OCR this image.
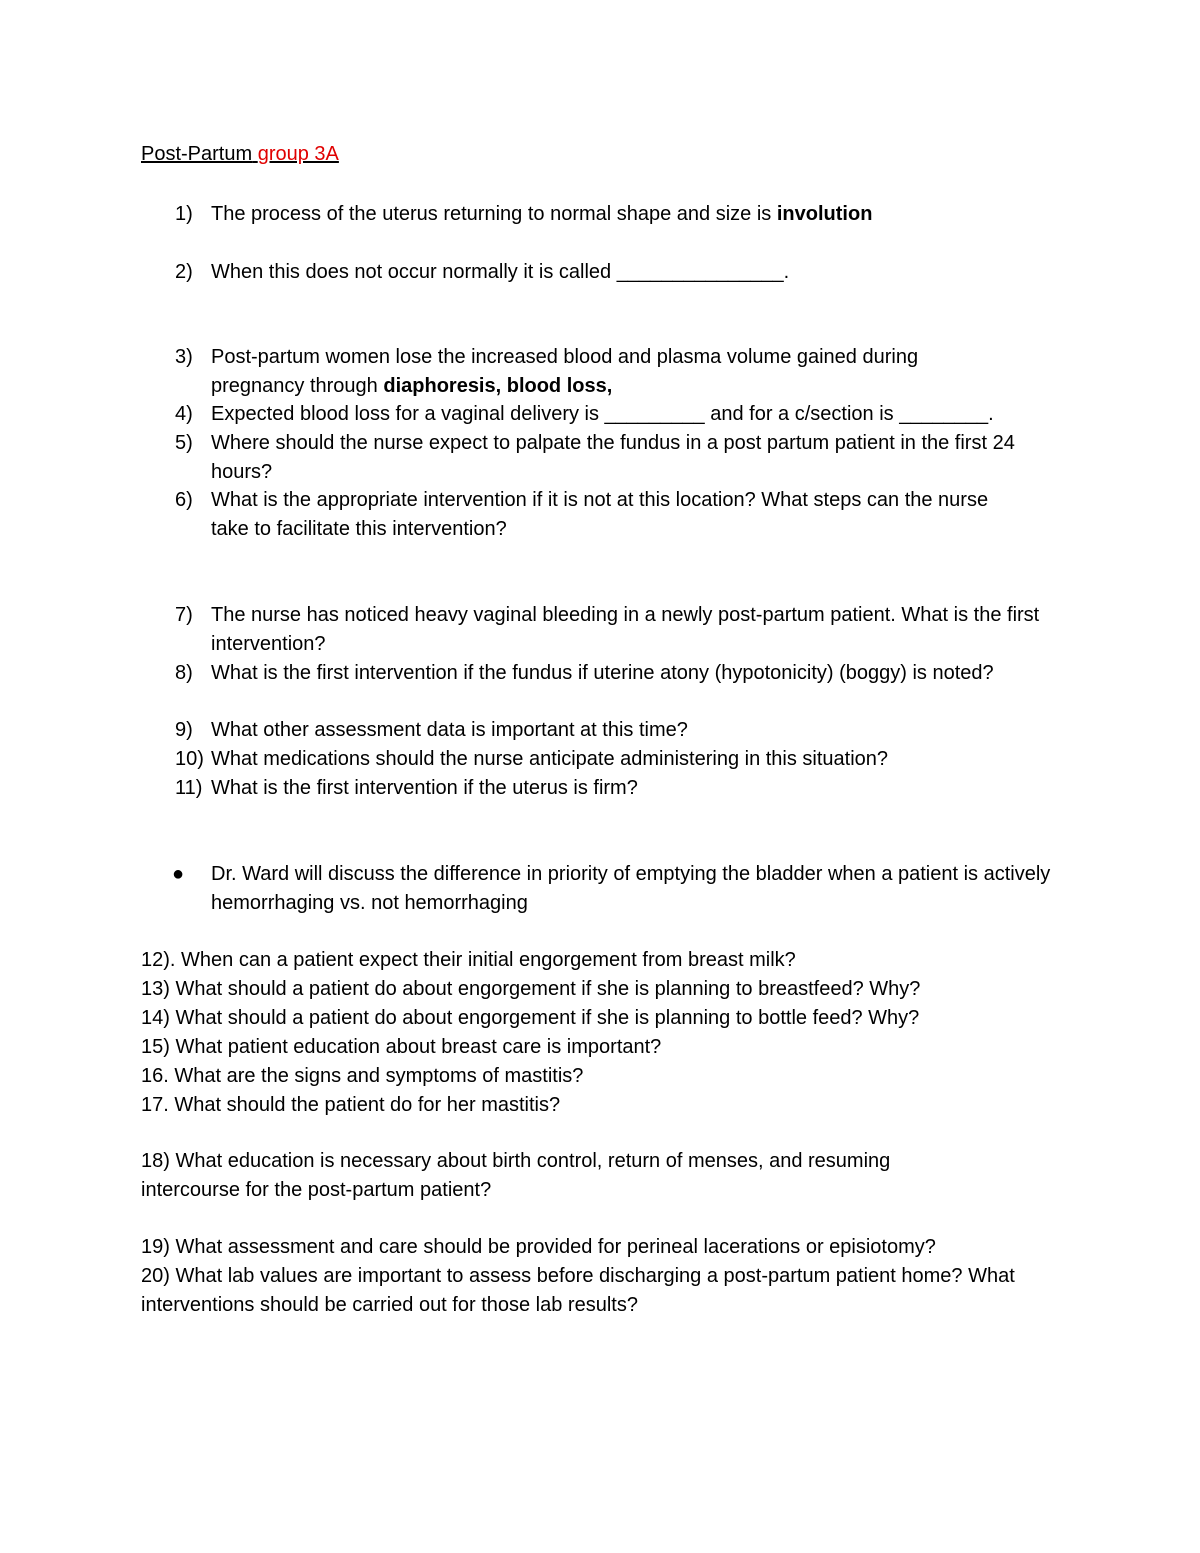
Post-Partum group 3A
1) The process of the uterus returning to normal shape and size is involution
2) When this does not occur normally it is called _______________.
3) Post-partum women lose the increased blood and plasma volume gained during pregnancy through diaphoresis, blood loss,
4) Expected blood loss for a vaginal delivery is _________ and for a c/section is ________.
5) Where should the nurse expect to palpate the fundus in a post partum patient in the first 24 hours?
6) What is the appropriate intervention if it is not at this location? What steps can the nurse take to facilitate this intervention?
7) The nurse has noticed heavy vaginal bleeding in a newly post-partum patient. What is the first intervention?
8) What is the first intervention if the fundus if uterine atony (hypotonicity) (boggy) is noted?
9) What other assessment data is important at this time?
10) What medications should the nurse anticipate administering in this situation?
11) What is the first intervention if the uterus is firm?
● Dr. Ward will discuss the difference in priority of emptying the bladder when a patient is actively hemorrhaging vs. not hemorrhaging
12). When can a patient expect their initial engorgement from breast milk?
13) What should a patient do about engorgement if she is planning to breastfeed? Why?
14) What should a patient do about engorgement if she is planning to bottle feed? Why?
15) What patient education about breast care is important?
16. What are the signs and symptoms of mastitis?
17. What should the patient do for her mastitis?
18) What education is necessary about birth control, return of menses, and resuming intercourse for the post-partum patient?
19) What assessment and care should be provided for perineal lacerations or episiotomy?
20) What lab values are important to assess before discharging a post-partum patient home? What interventions should be carried out for those lab results?
